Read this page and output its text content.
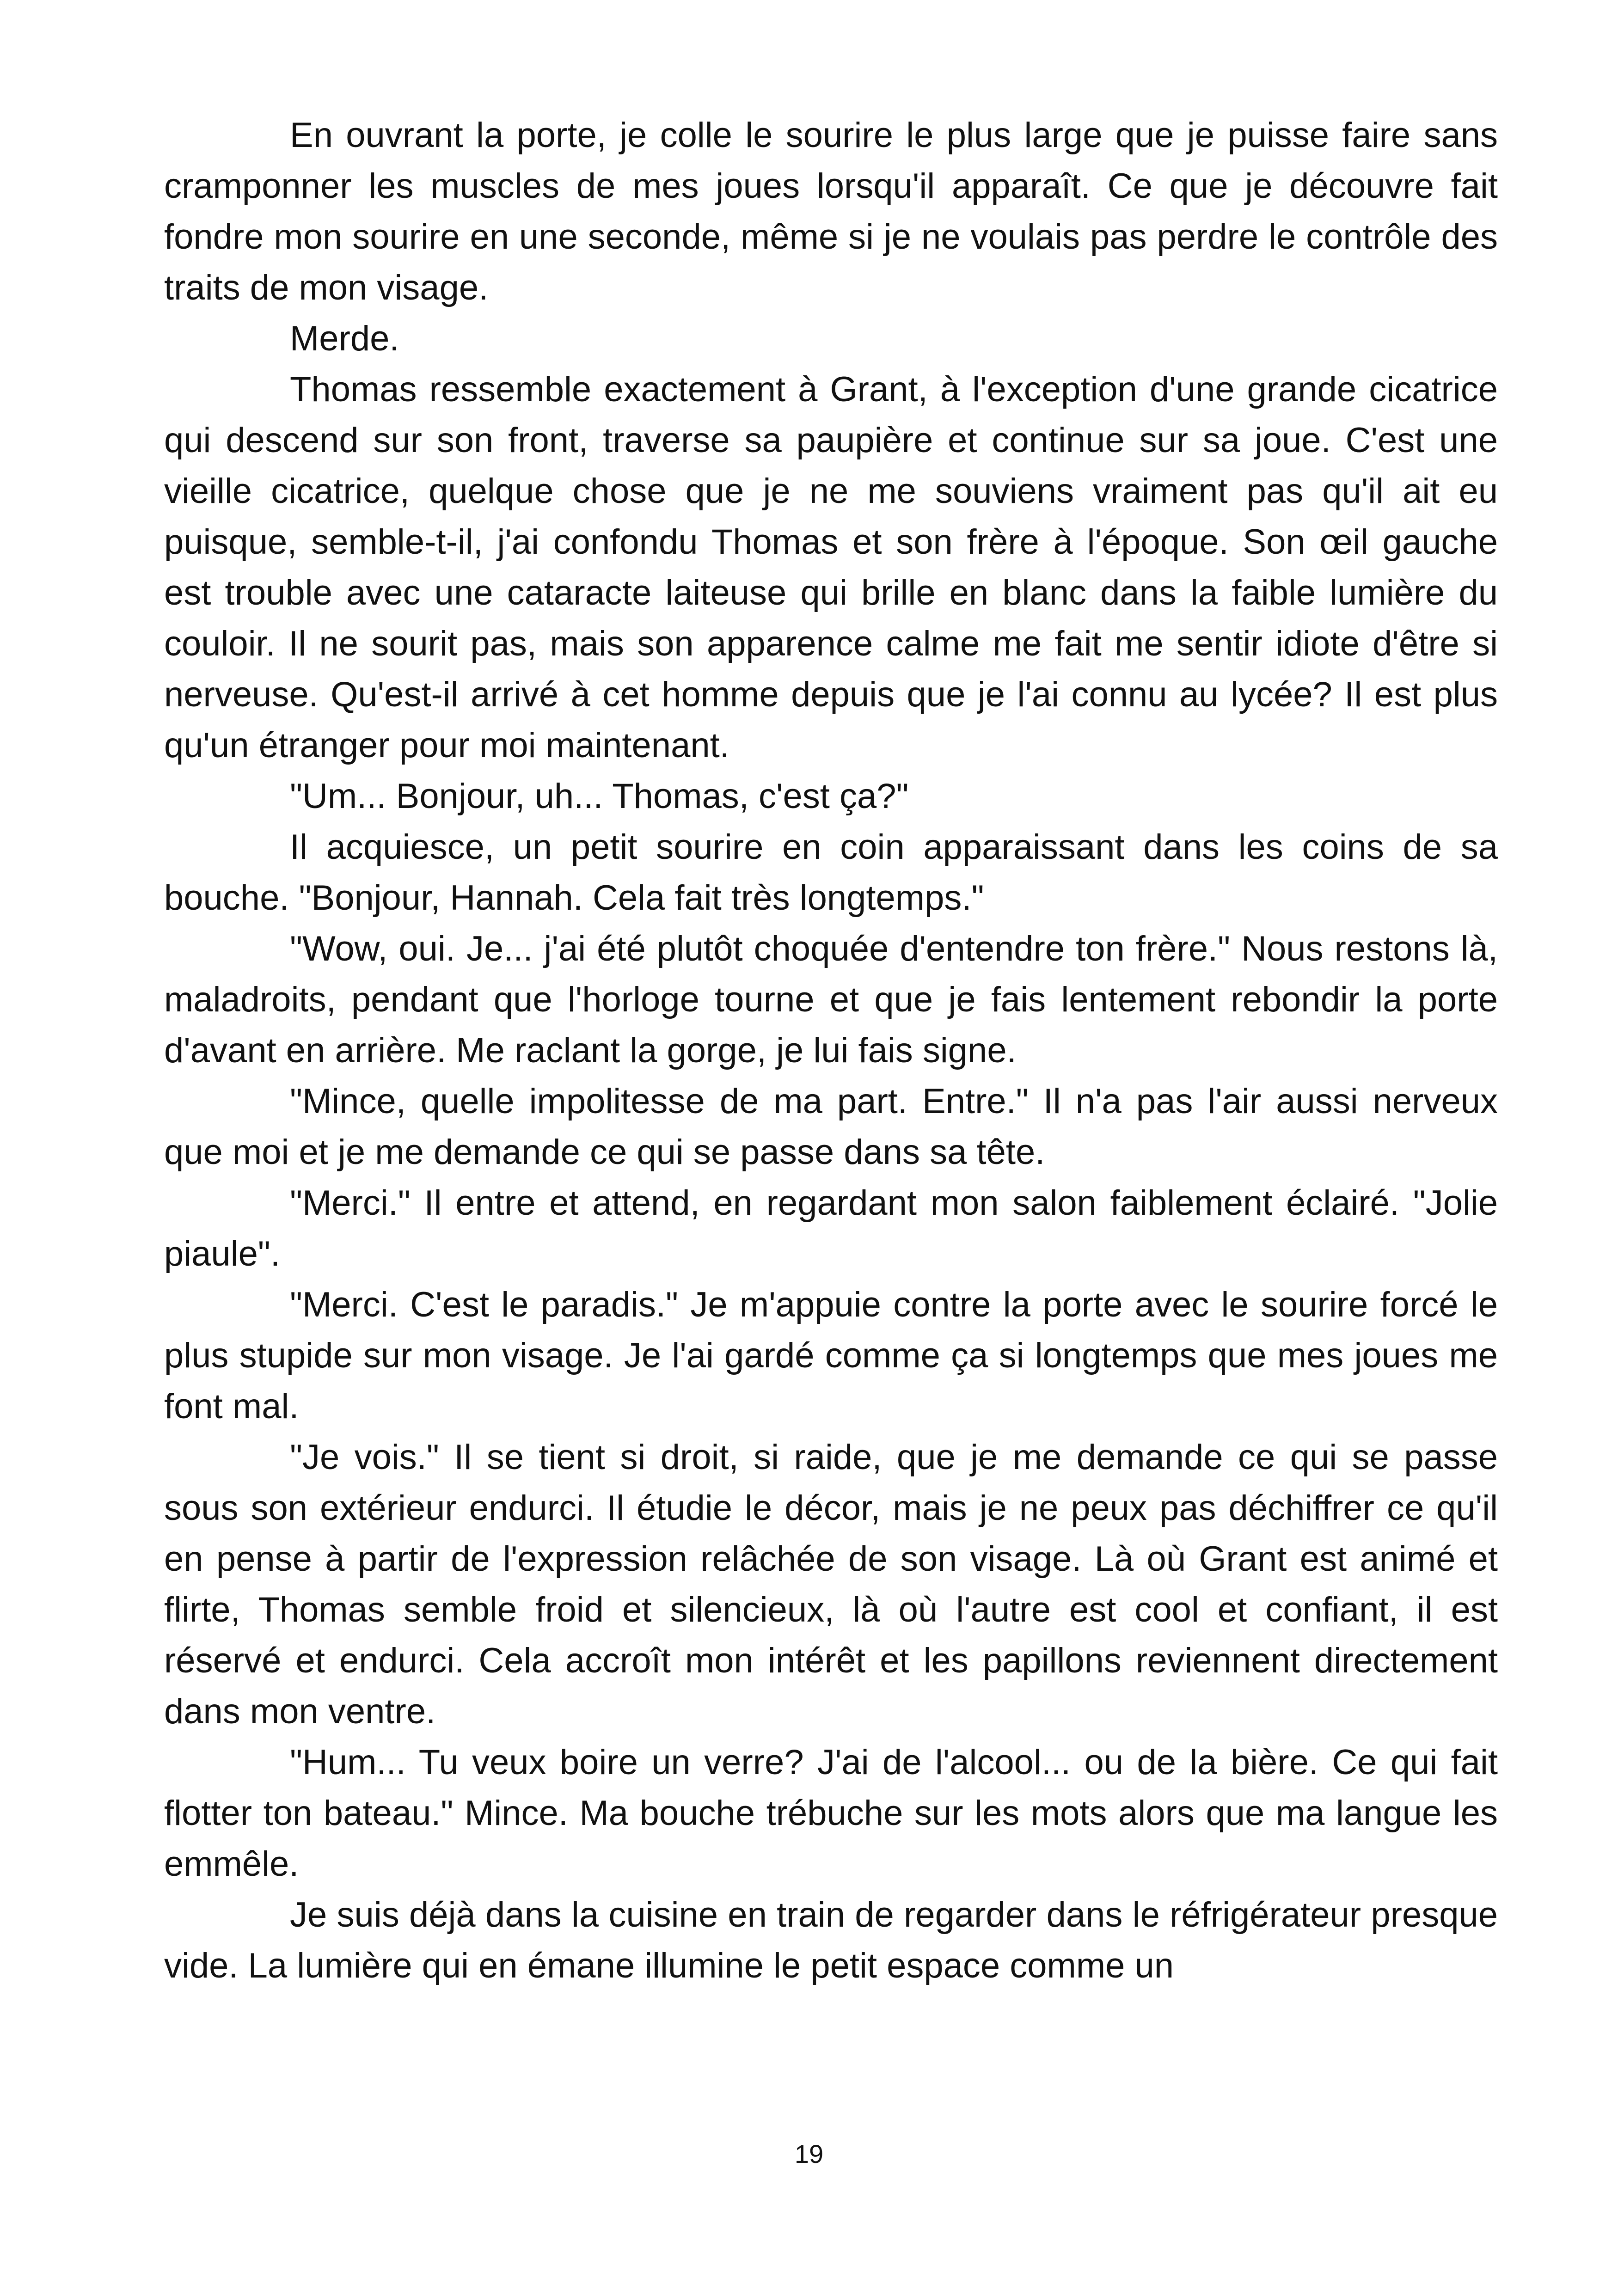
En ouvrant la porte, je colle le sourire le plus large que je puisse faire sans cramponner les muscles de mes joues lorsqu'il apparaît. Ce que je découvre fait fondre mon sourire en une seconde, même si je ne voulais pas perdre le contrôle des traits de mon visage.

Merde.

Thomas ressemble exactement à Grant, à l'exception d'une grande cicatrice qui descend sur son front, traverse sa paupière et continue sur sa joue. C'est une vieille cicatrice, quelque chose que je ne me souviens vraiment pas qu'il ait eu puisque, semble-t-il, j'ai confondu Thomas et son frère à l'époque. Son œil gauche est trouble avec une cataracte laiteuse qui brille en blanc dans la faible lumière du couloir. Il ne sourit pas, mais son apparence calme me fait me sentir idiote d'être si nerveuse. Qu'est-il arrivé à cet homme depuis que je l'ai connu au lycée? Il est plus qu'un étranger pour moi maintenant.

"Um... Bonjour, uh... Thomas, c'est ça?"

Il acquiesce, un petit sourire en coin apparaissant dans les coins de sa bouche. "Bonjour, Hannah. Cela fait très longtemps."

"Wow, oui. Je... j'ai été plutôt choquée d'entendre ton frère." Nous restons là, maladroits, pendant que l'horloge tourne et que je fais lentement rebondir la porte d'avant en arrière. Me raclant la gorge, je lui fais signe.

"Mince, quelle impolitesse de ma part. Entre." Il n'a pas l'air aussi nerveux que moi et je me demande ce qui se passe dans sa tête.

"Merci." Il entre et attend, en regardant mon salon faiblement éclairé. "Jolie piaule".

"Merci. C'est le paradis." Je m'appuie contre la porte avec le sourire forcé le plus stupide sur mon visage. Je l'ai gardé comme ça si longtemps que mes joues me font mal.

"Je vois." Il se tient si droit, si raide, que je me demande ce qui se passe sous son extérieur endurci. Il étudie le décor, mais je ne peux pas déchiffrer ce qu'il en pense à partir de l'expression relâchée de son visage. Là où Grant est animé et flirte, Thomas semble froid et silencieux, là où l'autre est cool et confiant, il est réservé et endurci. Cela accroît mon intérêt et les papillons reviennent directement dans mon ventre.

"Hum... Tu veux boire un verre? J'ai de l'alcool... ou de la bière. Ce qui fait flotter ton bateau." Mince. Ma bouche trébuche sur les mots alors que ma langue les emmêle.

Je suis déjà dans la cuisine en train de regarder dans le réfrigérateur presque vide. La lumière qui en émane illumine le petit espace comme un

19
